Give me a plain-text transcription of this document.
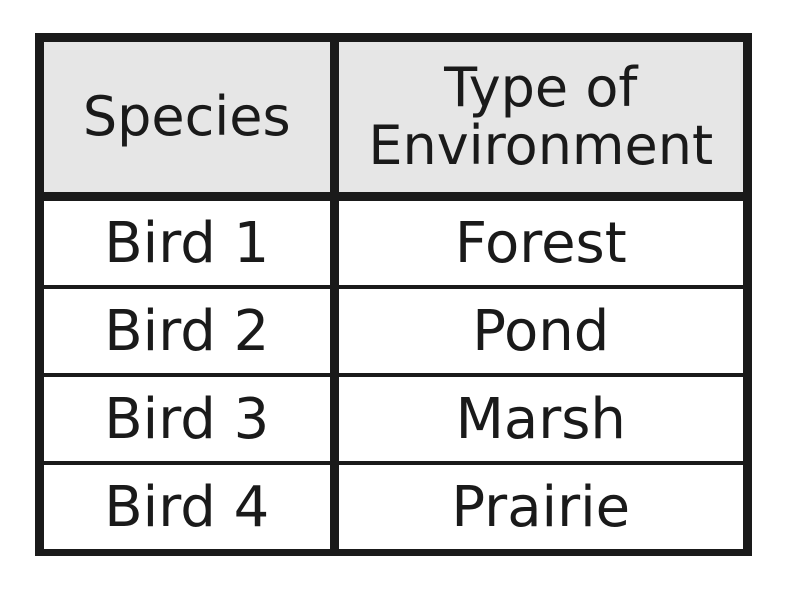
Species	Type of Environment
Bird 1	Forest
Bird 2	Pond
Bird 3	Marsh
Bird 4	Prairie
